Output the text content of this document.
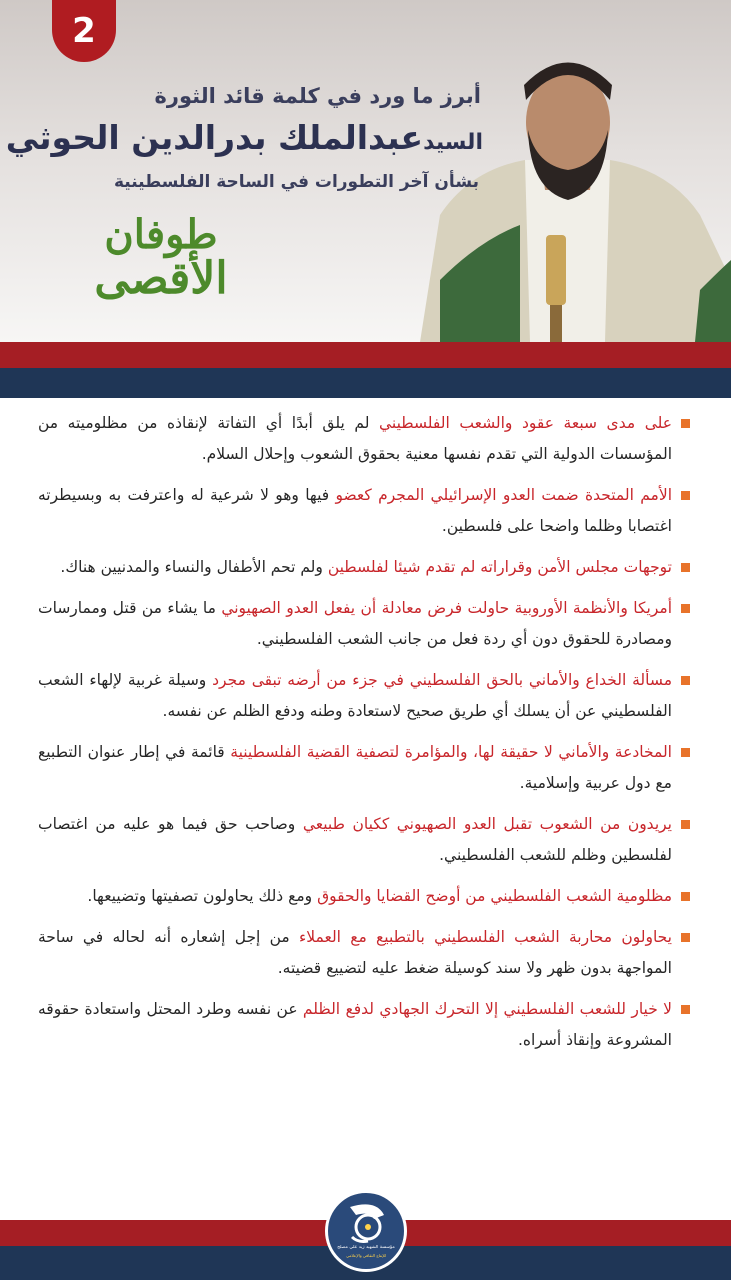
2
أبرز ما ورد في كلمة قائد الثورة
السيدعبدالملك بدرالدين الحوثي
بشأن آخر التطورات في الساحة الفلسطينية
طوفان
الأقصى
على مدى سبعة عقود والشعب الفلسطيني لم يلق أبدًا أي التفاتة لإنقاذه من مظلوميته من المؤسسات الدولية التي تقدم نفسها معنية بحقوق الشعوب وإحلال السلام.
الأمم المتحدة ضمت العدو الإسرائيلي المجرم كعضو فيها وهو لا شرعية له واعترفت به وبسيطرته اغتصابا وظلما واضحا على فلسطين.
توجهات مجلس الأمن وقراراته لم تقدم شيئا لفلسطين ولم تحم الأطفال والنساء والمدنيين هناك.
أمريكا والأنظمة الأوروبية حاولت فرض معادلة أن يفعل العدو الصهيوني ما يشاء من قتل وممارسات ومصادرة للحقوق دون أي ردة فعل من جانب الشعب الفلسطيني.
مسألة الخداع والأماني بالحق الفلسطيني في جزء من أرضه تبقى مجرد وسيلة غربية لإلهاء الشعب الفلسطيني عن أن يسلك أي طريق صحيح لاستعادة وطنه ودفع الظلم عن نفسه.
المخادعة والأماني لا حقيقة لها، والمؤامرة لتصفية القضية الفلسطينية قائمة في إطار عنوان التطبيع مع دول عربية وإسلامية.
يريدون من الشعوب تقبل العدو الصهيوني ككيان طبيعي وصاحب حق فيما هو عليه من اغتصاب لفلسطين وظلم للشعب الفلسطيني.
مظلومية الشعب الفلسطيني من أوضح القضايا والحقوق ومع ذلك يحاولون تصفيتها وتضييعها.
يحاولون محاربة الشعب الفلسطيني بالتطبيع مع العملاء من إجل إشعاره أنه لحاله في ساحة المواجهة بدون ظهر ولا سند كوسيلة ضغط عليه لتضييع قضيته.
لا خيار للشعب الفلسطيني إلا التحرك الجهادي لدفع الظلم عن نفسه وطرد المحتل واستعادة حقوقه المشروعة وإنقاذ أسراه.
مؤسسة الشهيد زيد علي مصلح
للإنتاج الثقافي والإعلامي
